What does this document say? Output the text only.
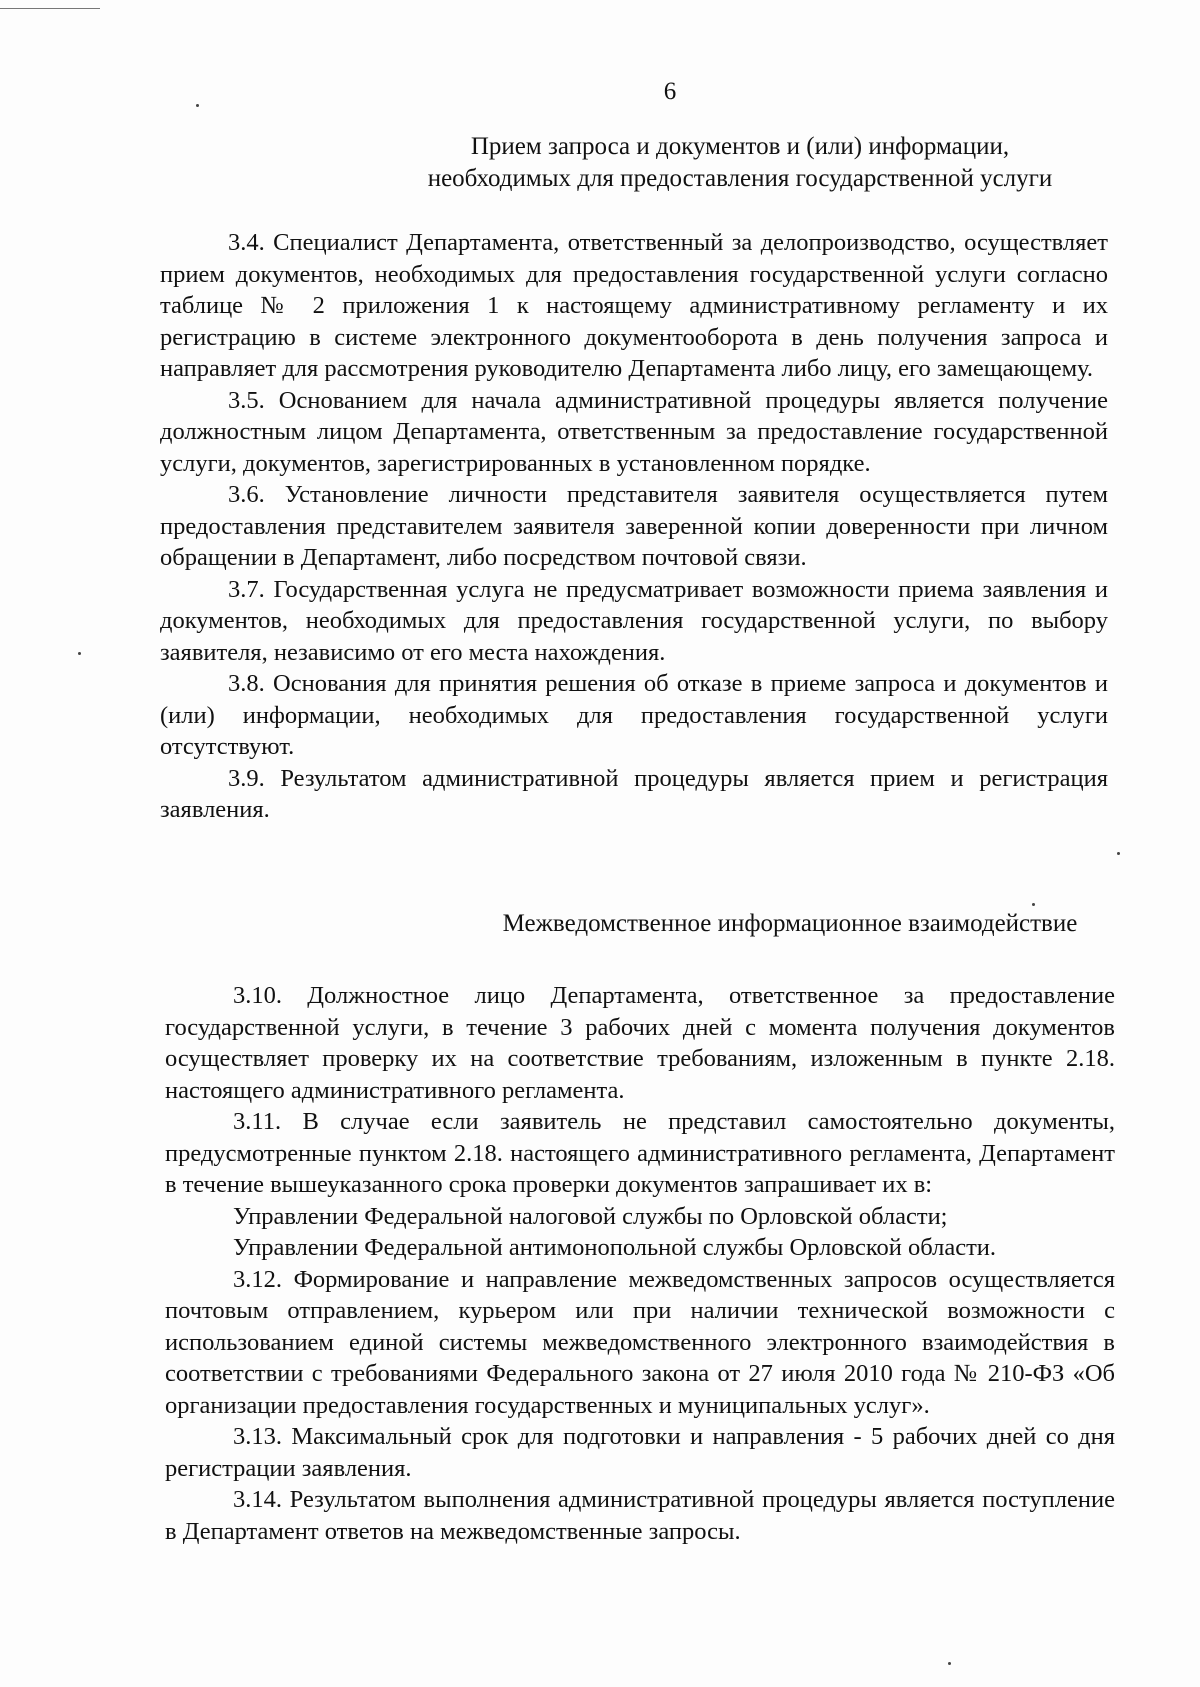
6
Прием запроса и документов и (или) информации,
необходимых для предоставления государственной услуги

3.4. Специалист Департамента, ответственный за делопроизводство, осуществляет прием документов, необходимых для предоставления государственной услуги согласно таблице № 2 приложения 1 к настоящему административному регламенту и их регистрацию в системе электронного документооборота в день получения запроса и направляет для рассмотрения руководителю Департамента либо лицу, его замещающему.

3.5. Основанием для начала административной процедуры является получение должностным лицом Департамента, ответственным за предоставление государственной услуги, документов, зарегистрированных в установленном порядке.

3.6. Установление личности представителя заявителя осуществляется путем предоставления представителем заявителя заверенной копии доверенности при личном обращении в Департамент, либо посредством почтовой связи.

3.7. Государственная услуга не предусматривает возможности приема заявления и документов, необходимых для предоставления государственной услуги, по выбору заявителя, независимо от его места нахождения.

3.8. Основания для принятия решения об отказе в приеме запроса и документов и (или) информации, необходимых для предоставления государственной услуги отсутствуют.

3.9. Результатом административной процедуры является прием и регистрация заявления.

Межведомственное информационное взаимодействие

3.10. Должностное лицо Департамента, ответственное за предоставление государственной услуги, в течение 3 рабочих дней с момента получения документов осуществляет проверку их на соответствие требованиям, изложенным в пункте 2.18. настоящего административного регламента.

3.11. В случае если заявитель не представил самостоятельно документы, предусмотренные пунктом 2.18. настоящего административного регламента, Департамент в течение вышеуказанного срока проверки документов запрашивает их в:

Управлении Федеральной налоговой службы по Орловской области;

Управлении Федеральной антимонопольной службы Орловской области.

3.12. Формирование и направление межведомственных запросов осуществляется почтовым отправлением, курьером или при наличии технической возможности с использованием единой системы межведомственного электронного взаимодействия в соответствии с требованиями Федерального закона от 27 июля 2010 года № 210-ФЗ «Об организации предоставления государственных и муниципальных услуг».

3.13. Максимальный срок для подготовки и направления - 5 рабочих дней со дня регистрации заявления.

3.14. Результатом выполнения административной процедуры является поступление в Департамент ответов на межведомственные запросы.
